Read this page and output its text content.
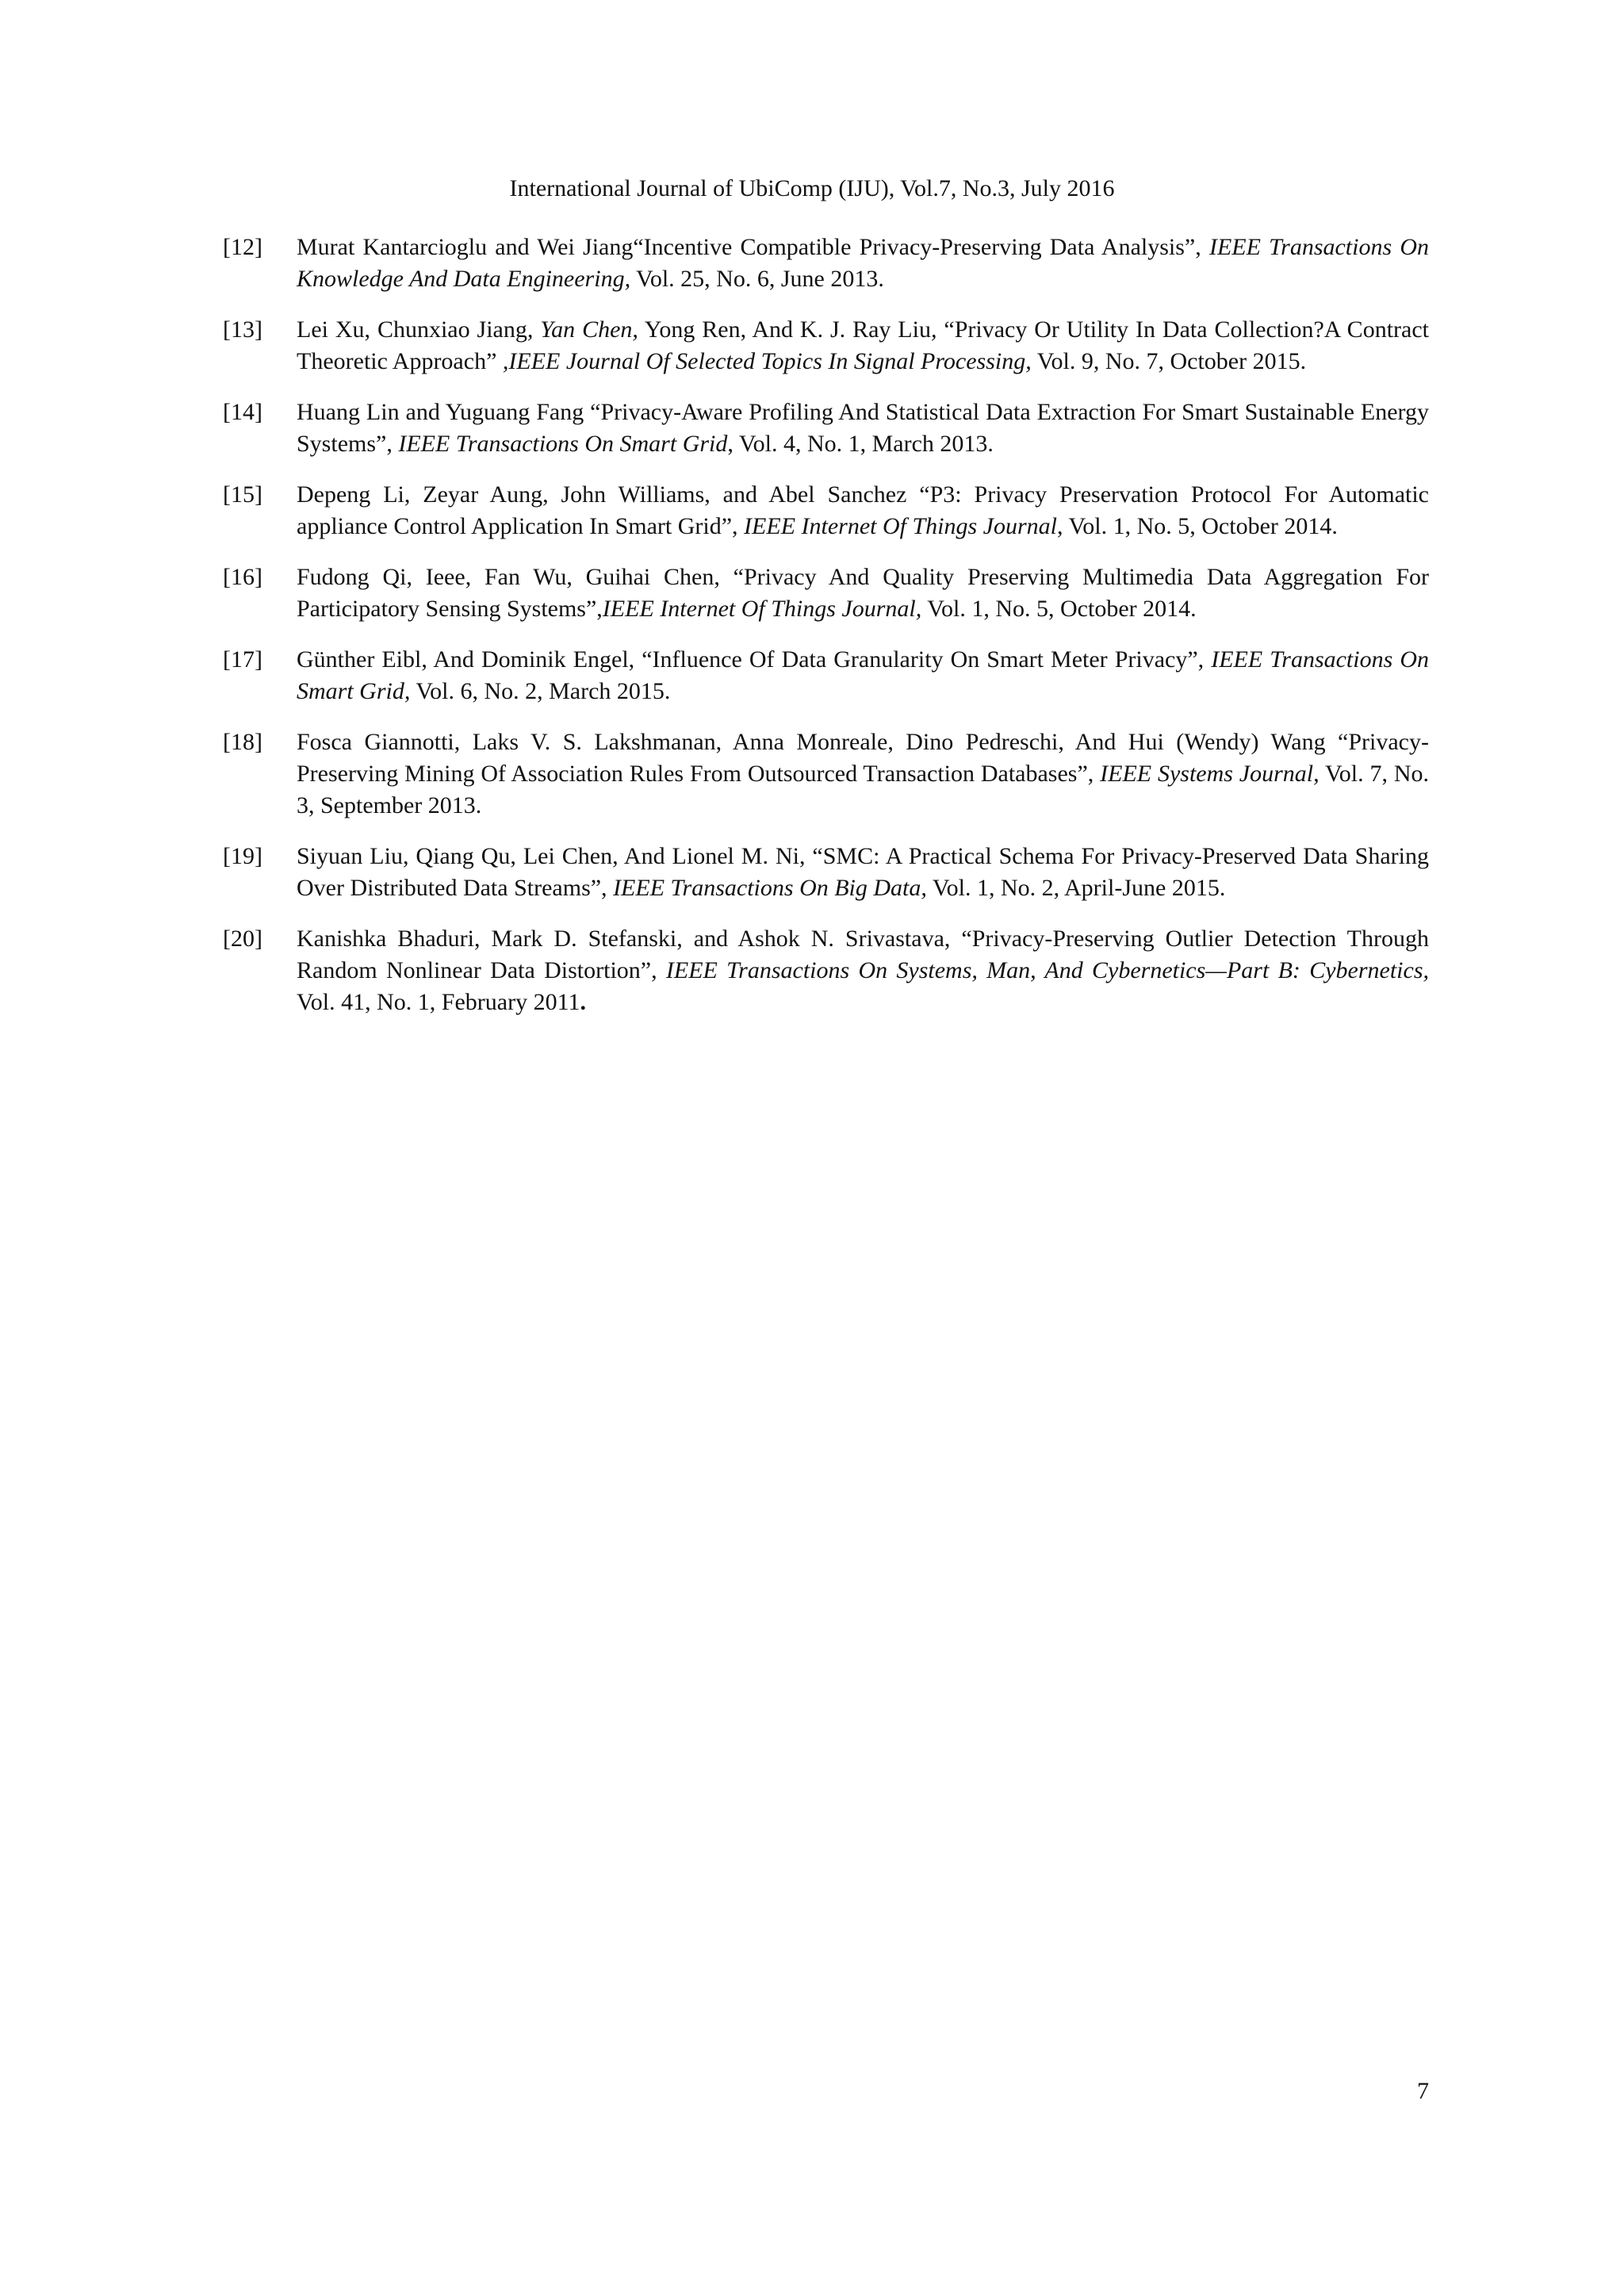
International Journal of UbiComp (IJU), Vol.7, No.3, July 2016
[12]	Murat Kantarcioglu and Wei Jiang“Incentive Compatible Privacy-Preserving Data Analysis”, IEEE Transactions On Knowledge And Data Engineering, Vol. 25, No. 6, June 2013.
[13]	Lei Xu, Chunxiao Jiang, Yan Chen, Yong Ren, And K. J. Ray Liu, “Privacy Or Utility In Data Collection?A Contract Theoretic Approach” ,IEEE Journal Of Selected Topics In Signal Processing, Vol. 9, No. 7, October 2015.
[14]	Huang Lin and Yuguang Fang “Privacy-Aware Profiling And Statistical Data Extraction For Smart Sustainable Energy Systems”, IEEE Transactions On Smart Grid, Vol. 4, No. 1, March 2013.
[15]	Depeng Li, Zeyar Aung, John Williams, and Abel Sanchez “P3: Privacy Preservation Protocol For Automatic appliance Control Application In Smart Grid”, IEEE Internet Of Things Journal, Vol. 1, No. 5, October 2014.
[16]	Fudong Qi, Ieee, Fan Wu, Guihai Chen, “Privacy And Quality Preserving Multimedia Data Aggregation For Participatory Sensing Systems”,IEEE Internet Of Things Journal, Vol. 1, No. 5, October 2014.
[17]	Günther Eibl, And Dominik Engel, “Influence Of Data Granularity On Smart Meter Privacy”, IEEE Transactions On Smart Grid, Vol. 6, No. 2, March 2015.
[18]	Fosca Giannotti, Laks V. S. Lakshmanan, Anna Monreale, Dino Pedreschi, And Hui (Wendy) Wang “Privacy-Preserving Mining Of Association Rules From Outsourced Transaction Databases”, IEEE Systems Journal, Vol. 7, No. 3, September 2013.
[19]	Siyuan Liu, Qiang Qu, Lei Chen, And Lionel M. Ni, “SMC: A Practical Schema For Privacy-Preserved Data Sharing Over Distributed Data Streams”, IEEE Transactions On Big Data, Vol. 1, No. 2, April-June 2015.
[20]	Kanishka Bhaduri, Mark D. Stefanski, and Ashok N. Srivastava, “Privacy-Preserving Outlier Detection Through Random Nonlinear Data Distortion”, IEEE Transactions On Systems, Man, And Cybernetics—Part B: Cybernetics, Vol. 41, No. 1, February 2011.
7
